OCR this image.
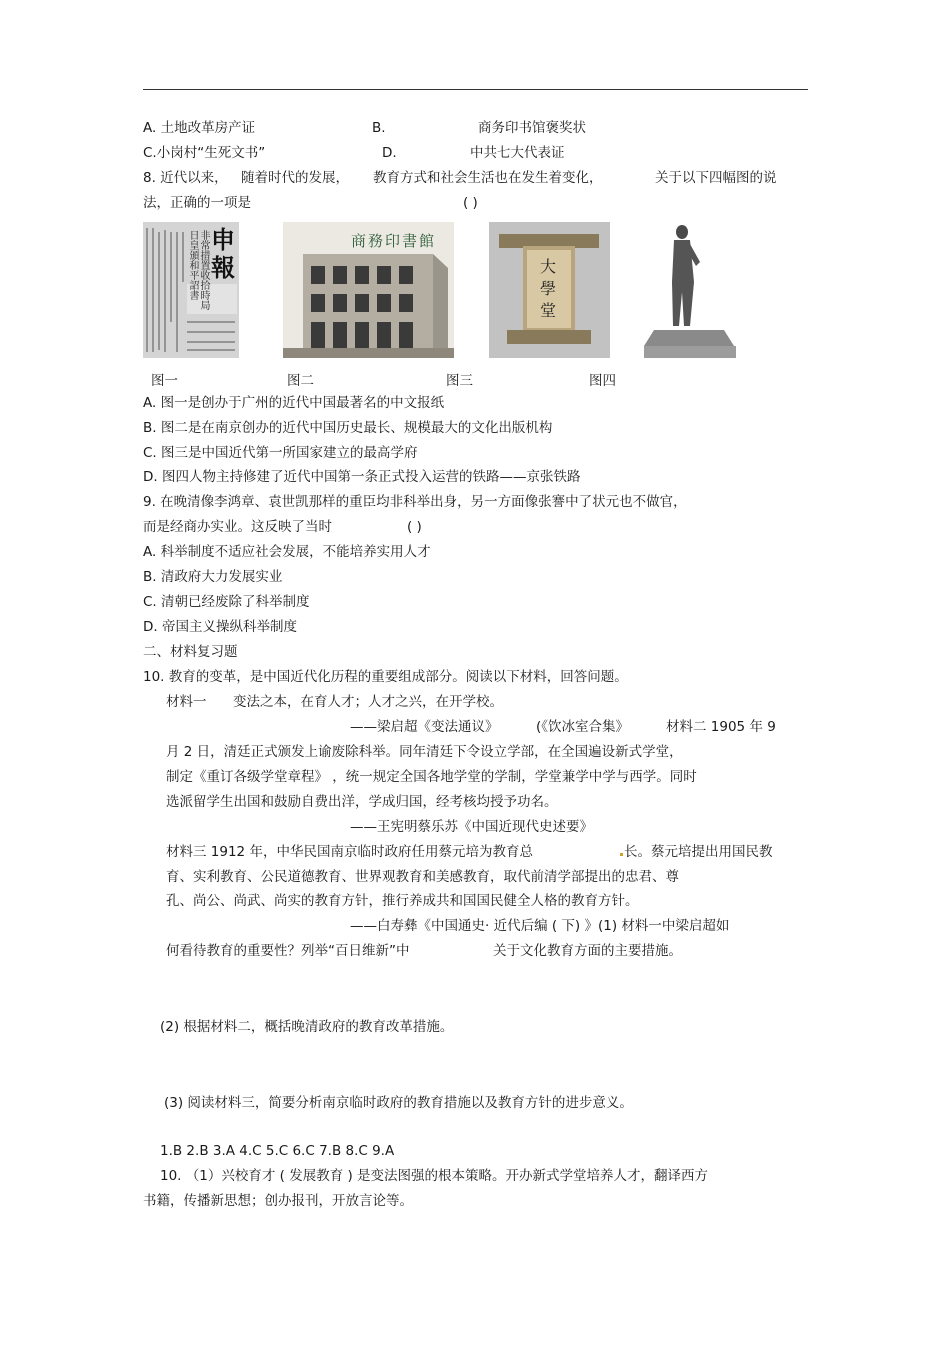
A. 土地改革房产证	B.	商务印书馆褒奖状
C.小岗村“生死文书”	D.	中共七大代表证
8. 近代以来， 随着时代的发展， 教育方式和社会生活也在发生着变化，	关于以下四幅图的说
法，正确的一项是	( )
申報
非常措置收拾時局 日皇頒和平詔書	商務印書館
大學堂
图一	图二	图三	图四
A. 图一是创办于广州的近代中国最著名的中文报纸
B. 图二是在南京创办的近代中国历史最长、规模最大的文化出版机构
C. 图三是中国近代第一所国家建立的最高学府
D. 图四人物主持修建了近代中国第一条正式投入运营的铁路——京张铁路
9. 在晚清像李鸿章、袁世凯那样的重臣均非科举出身，另一方面像张謇中了状元也不做官，
而是经商办实业。这反映了当时	( )
A. 科举制度不适应社会发展，不能培养实用人才
B. 清政府大力发展实业
C. 清朝已经废除了科举制度
D. 帝国主义操纵科举制度
二、材料复习题
10. 教育的变革，是中国近代化历程的重要组成部分。阅读以下材料，回答问题。
材料一 变法之本，在育人才；人才之兴，在开学校。
——梁启超《变法通议》	(《饮冰室合集》	材料二 1905 年 9
月 2 日，清廷正式颁发上谕废除科举。同年清廷下令设立学部，在全国遍设新式学堂，
制定《重订各级学堂章程》 ，统一规定全国各地学堂的学制，学堂兼学中学与西学。同时
选派留学生出国和鼓励自费出洋，学成归国，经考核均授予功名。
——王宪明蔡乐苏《中国近现代史述要》
材料三 1912 年，中华民国南京临时政府任用蔡元培为教育总	长。蔡元培提出用国民教
育、实利教育、公民道德教育、世界观教育和美感教育，取代前清学部提出的忠君、尊
孔、尚公、尚武、尚实的教育方针，推行养成共和国国民健全人格的教育方针。
——白寿彝《中国通史· 近代后编 ( 下) 》(1) 材料一中梁启超如
何看待教育的重要性？列举“百日维新”中	关于文化教育方面的主要措施。
(2) 根据材料二，概括晚清政府的教育改革措施。
(3) 阅读材料三，简要分析南京临时政府的教育措施以及教育方针的进步意义。
1.B 2.B 3.A 4.C 5.C 6.C 7.B 8.C 9.A
10. （1）兴校育才 ( 发展教育 ) 是变法图强的根本策略。开办新式学堂培养人才，翻译西方
书籍，传播新思想；创办报刊，开放言论等。
